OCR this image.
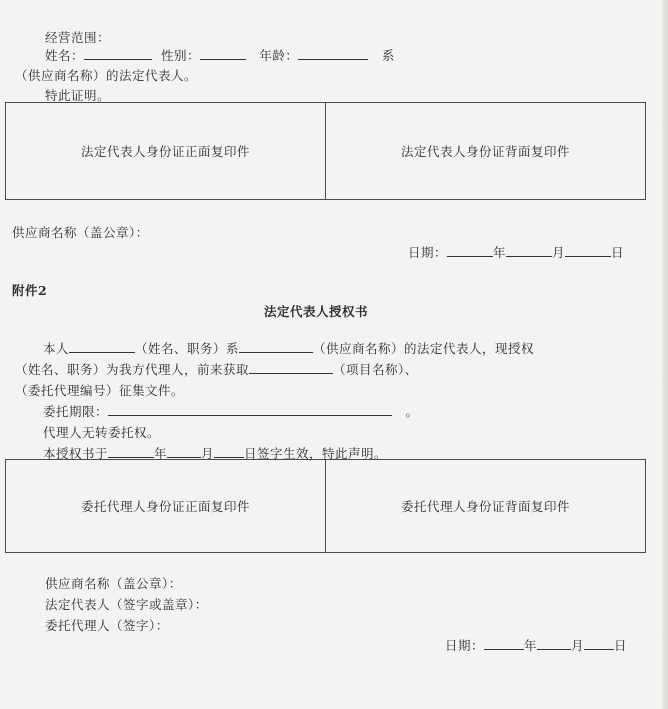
经营范围：
姓名：	性别：	年龄：	系
（供应商名称）的法定代表人。
特此证明。
法定代表人身份证正面复印件	法定代表人身份证背面复印件
供应商名称（盖公章）：
日期：	年	月	日
附件2
法定代表人授权书
本人	（姓名、职务）系	（供应商名称）的法定代表人，现授权
（姓名、职务）为我方代理人，前来获取	（项目名称）、
（委托代理编号）征集文件。
委托期限：	。
代理人无转委托权。
本授权书于	年	月 日签字生效，特此声明。
委托代理人身份证正面复印件	委托代理人身份证背面复印件
供应商名称（盖公章）：
法定代表人（签字或盖章）：
委托代理人（签字）：
日期：	年	月 日
